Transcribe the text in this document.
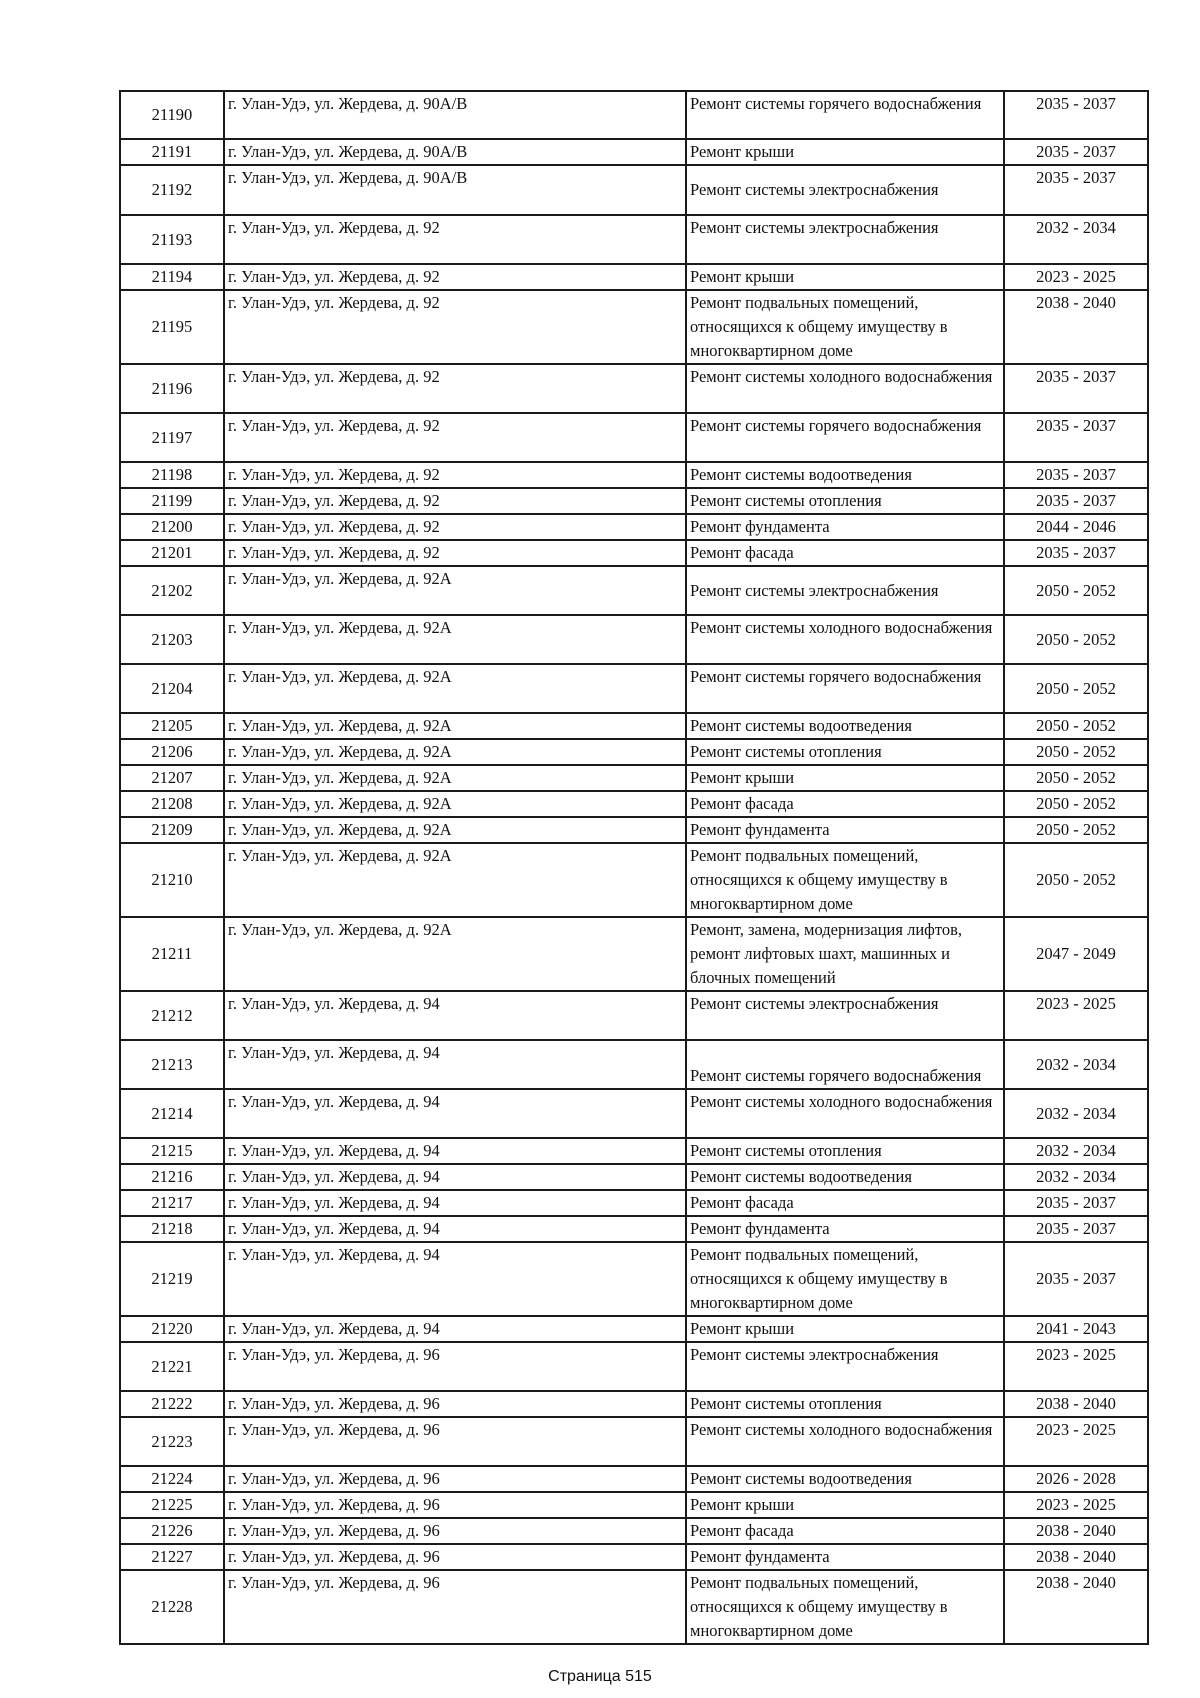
21190	г. Улан-Удэ, ул. Жердева, д. 90А/В	Ремонт системы горячего водоснабжения	2035 - 2037
21191	г. Улан-Удэ, ул. Жердева, д. 90А/В	Ремонт крыши	2035 - 2037
21192	г. Улан-Удэ, ул. Жердева, д. 90А/В	Ремонт системы электроснабжения	2035 - 2037
21193	г. Улан-Удэ, ул. Жердева, д. 92	Ремонт системы электроснабжения	2032 - 2034
21194	г. Улан-Удэ, ул. Жердева, д. 92	Ремонт крыши	2023 - 2025
21195	г. Улан-Удэ, ул. Жердева, д. 92	Ремонт подвальных помещений, относящихся к общему имуществу в многоквартирном доме	2038 - 2040
21196	г. Улан-Удэ, ул. Жердева, д. 92	Ремонт системы холодного водоснабжения	2035 - 2037
21197	г. Улан-Удэ, ул. Жердева, д. 92	Ремонт системы горячего водоснабжения	2035 - 2037
21198	г. Улан-Удэ, ул. Жердева, д. 92	Ремонт системы водоотведения	2035 - 2037
21199	г. Улан-Удэ, ул. Жердева, д. 92	Ремонт системы отопления	2035 - 2037
21200	г. Улан-Удэ, ул. Жердева, д. 92	Ремонт фундамента	2044 - 2046
21201	г. Улан-Удэ, ул. Жердева, д. 92	Ремонт фасада	2035 - 2037
21202	г. Улан-Удэ, ул. Жердева, д. 92А	Ремонт системы электроснабжения	2050 - 2052
21203	г. Улан-Удэ, ул. Жердева, д. 92А	Ремонт системы холодного водоснабжения	2050 - 2052
21204	г. Улан-Удэ, ул. Жердева, д. 92А	Ремонт системы горячего водоснабжения	2050 - 2052
21205	г. Улан-Удэ, ул. Жердева, д. 92А	Ремонт системы водоотведения	2050 - 2052
21206	г. Улан-Удэ, ул. Жердева, д. 92А	Ремонт системы отопления	2050 - 2052
21207	г. Улан-Удэ, ул. Жердева, д. 92А	Ремонт крыши	2050 - 2052
21208	г. Улан-Удэ, ул. Жердева, д. 92А	Ремонт фасада	2050 - 2052
21209	г. Улан-Удэ, ул. Жердева, д. 92А	Ремонт фундамента	2050 - 2052
21210	г. Улан-Удэ, ул. Жердева, д. 92А	Ремонт подвальных помещений, относящихся к общему имуществу в многоквартирном доме	2050 - 2052
21211	г. Улан-Удэ, ул. Жердева, д. 92А	Ремонт, замена, модернизация лифтов, ремонт лифтовых шахт, машинных и блочных помещений	2047 - 2049
21212	г. Улан-Удэ, ул. Жердева, д. 94	Ремонт системы электроснабжения	2023 - 2025
21213	г. Улан-Удэ, ул. Жердева, д. 94	Ремонт системы горячего водоснабжения	2032 - 2034
21214	г. Улан-Удэ, ул. Жердева, д. 94	Ремонт системы холодного водоснабжения	2032 - 2034
21215	г. Улан-Удэ, ул. Жердева, д. 94	Ремонт системы отопления	2032 - 2034
21216	г. Улан-Удэ, ул. Жердева, д. 94	Ремонт системы водоотведения	2032 - 2034
21217	г. Улан-Удэ, ул. Жердева, д. 94	Ремонт фасада	2035 - 2037
21218	г. Улан-Удэ, ул. Жердева, д. 94	Ремонт фундамента	2035 - 2037
21219	г. Улан-Удэ, ул. Жердева, д. 94	Ремонт подвальных помещений, относящихся к общему имуществу в многоквартирном доме	2035 - 2037
21220	г. Улан-Удэ, ул. Жердева, д. 94	Ремонт крыши	2041 - 2043
21221	г. Улан-Удэ, ул. Жердева, д. 96	Ремонт системы электроснабжения	2023 - 2025
21222	г. Улан-Удэ, ул. Жердева, д. 96	Ремонт системы отопления	2038 - 2040
21223	г. Улан-Удэ, ул. Жердева, д. 96	Ремонт системы холодного водоснабжения	2023 - 2025
21224	г. Улан-Удэ, ул. Жердева, д. 96	Ремонт системы водоотведения	2026 - 2028
21225	г. Улан-Удэ, ул. Жердева, д. 96	Ремонт крыши	2023 - 2025
21226	г. Улан-Удэ, ул. Жердева, д. 96	Ремонт фасада	2038 - 2040
21227	г. Улан-Удэ, ул. Жердева, д. 96	Ремонт фундамента	2038 - 2040
21228	г. Улан-Удэ, ул. Жердева, д. 96	Ремонт подвальных помещений, относящихся к общему имуществу в многоквартирном доме	2038 - 2040
Страница 515
